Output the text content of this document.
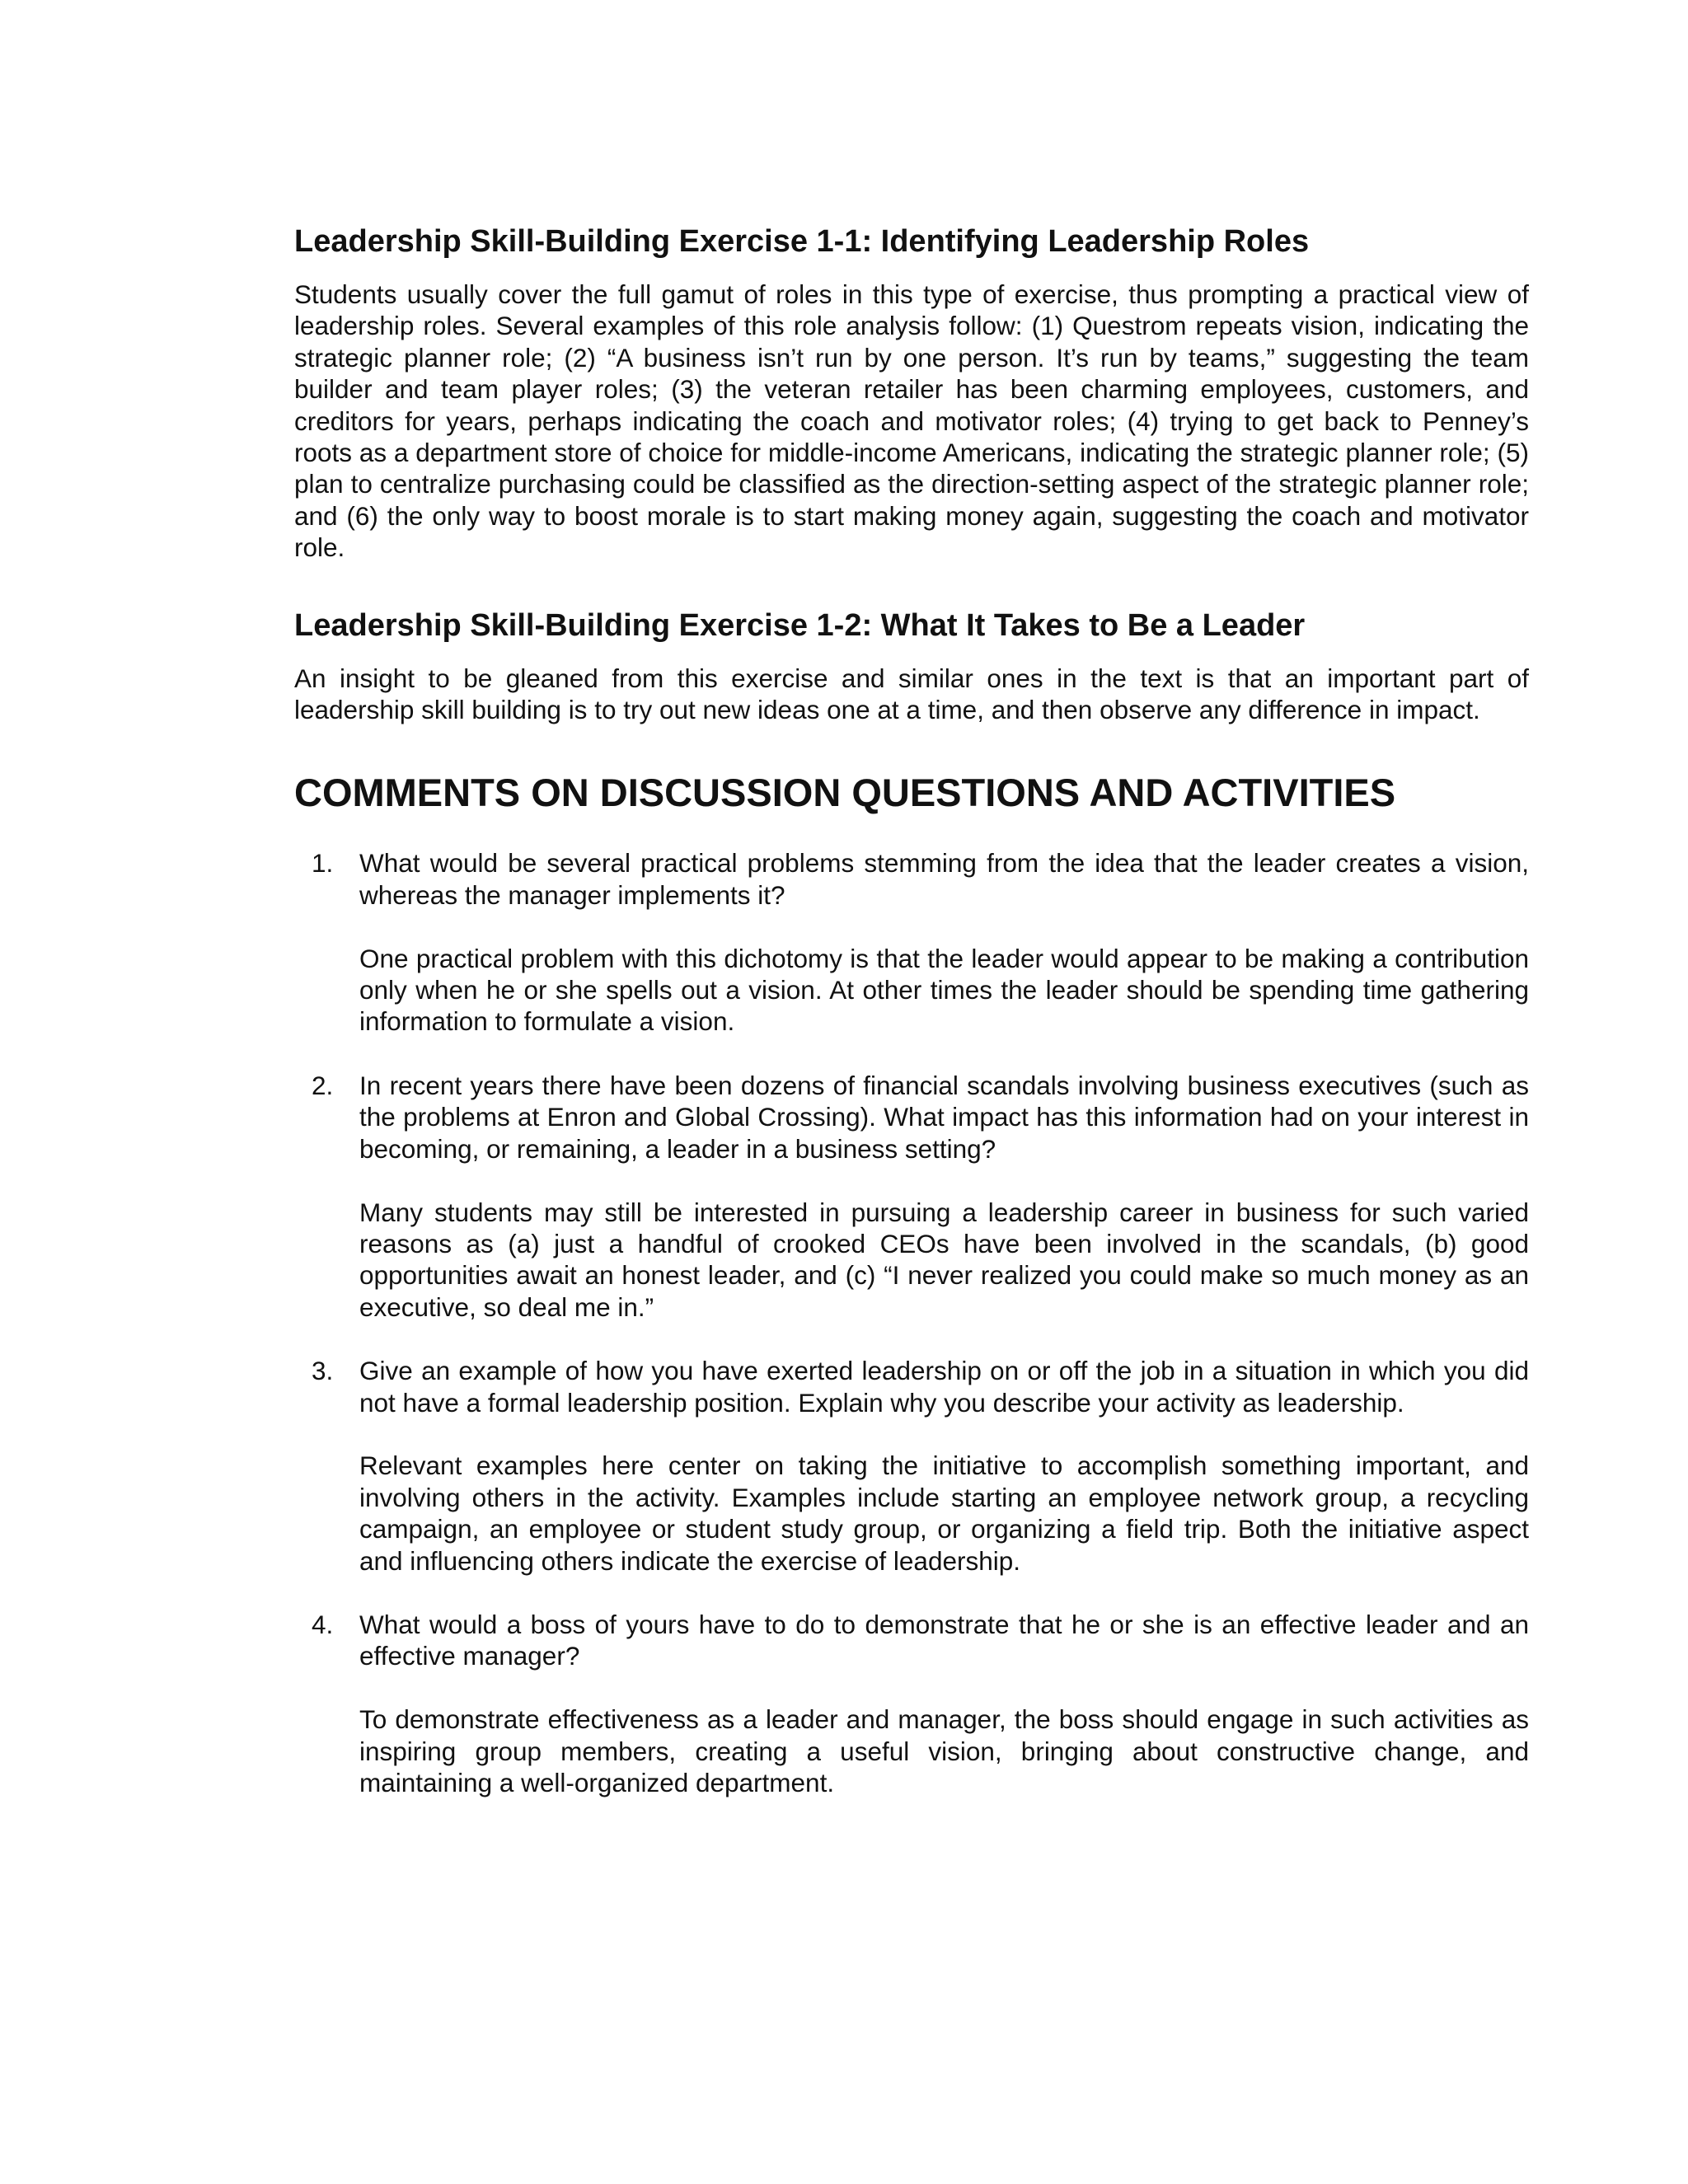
Leadership Skill-Building Exercise 1-1: Identifying Leadership Roles

Students usually cover the full gamut of roles in this type of exercise, thus prompting a practical view of leadership roles. Several examples of this role analysis follow: (1) Questrom repeats vision, indicating the strategic planner role; (2) “A business isn’t run by one person. It’s run by teams,” suggesting the team builder and team player roles; (3) the veteran retailer has been charming employees, customers, and creditors for years, perhaps indicating the coach and motivator roles; (4) trying to get back to Penney’s roots as a department store of choice for middle-income Americans, indicating the strategic planner role; (5) plan to centralize purchasing could be classified as the direction-setting aspect of the strategic planner role; and (6) the only way to boost morale is to start making money again, suggesting the coach and motivator role.

Leadership Skill-Building Exercise 1-2: What It Takes to Be a Leader

An insight to be gleaned from this exercise and similar ones in the text is that an important part of leadership skill building is to try out new ideas one at a time, and then observe any difference in impact.

COMMENTS ON DISCUSSION QUESTIONS AND ACTIVITIES
1. What would be several practical problems stemming from the idea that the leader creates a vision, whereas the manager implements it?

One practical problem with this dichotomy is that the leader would appear to be making a contribution only when he or she spells out a vision. At other times the leader should be spending time gathering information to formulate a vision.

2. In recent years there have been dozens of financial scandals involving business executives (such as the problems at Enron and Global Crossing). What impact has this information had on your interest in becoming, or remaining, a leader in a business setting?

Many students may still be interested in pursuing a leadership career in business for such varied reasons as (a) just a handful of crooked CEOs have been involved in the scandals, (b) good opportunities await an honest leader, and (c) “I never realized you could make so much money as an executive, so deal me in.”

3. Give an example of how you have exerted leadership on or off the job in a situation in which you did not have a formal leadership position. Explain why you describe your activity as leadership.

Relevant examples here center on taking the initiative to accomplish something important, and involving others in the activity. Examples include starting an employee network group, a recycling campaign, an employee or student study group, or organizing a field trip. Both the initiative aspect and influencing others indicate the exercise of leadership.

4. What would a boss of yours have to do to demonstrate that he or she is an effective leader and an effective manager?

To demonstrate effectiveness as a leader and manager, the boss should engage in such activities as inspiring group members, creating a useful vision, bringing about constructive change, and maintaining a well-organized department.
